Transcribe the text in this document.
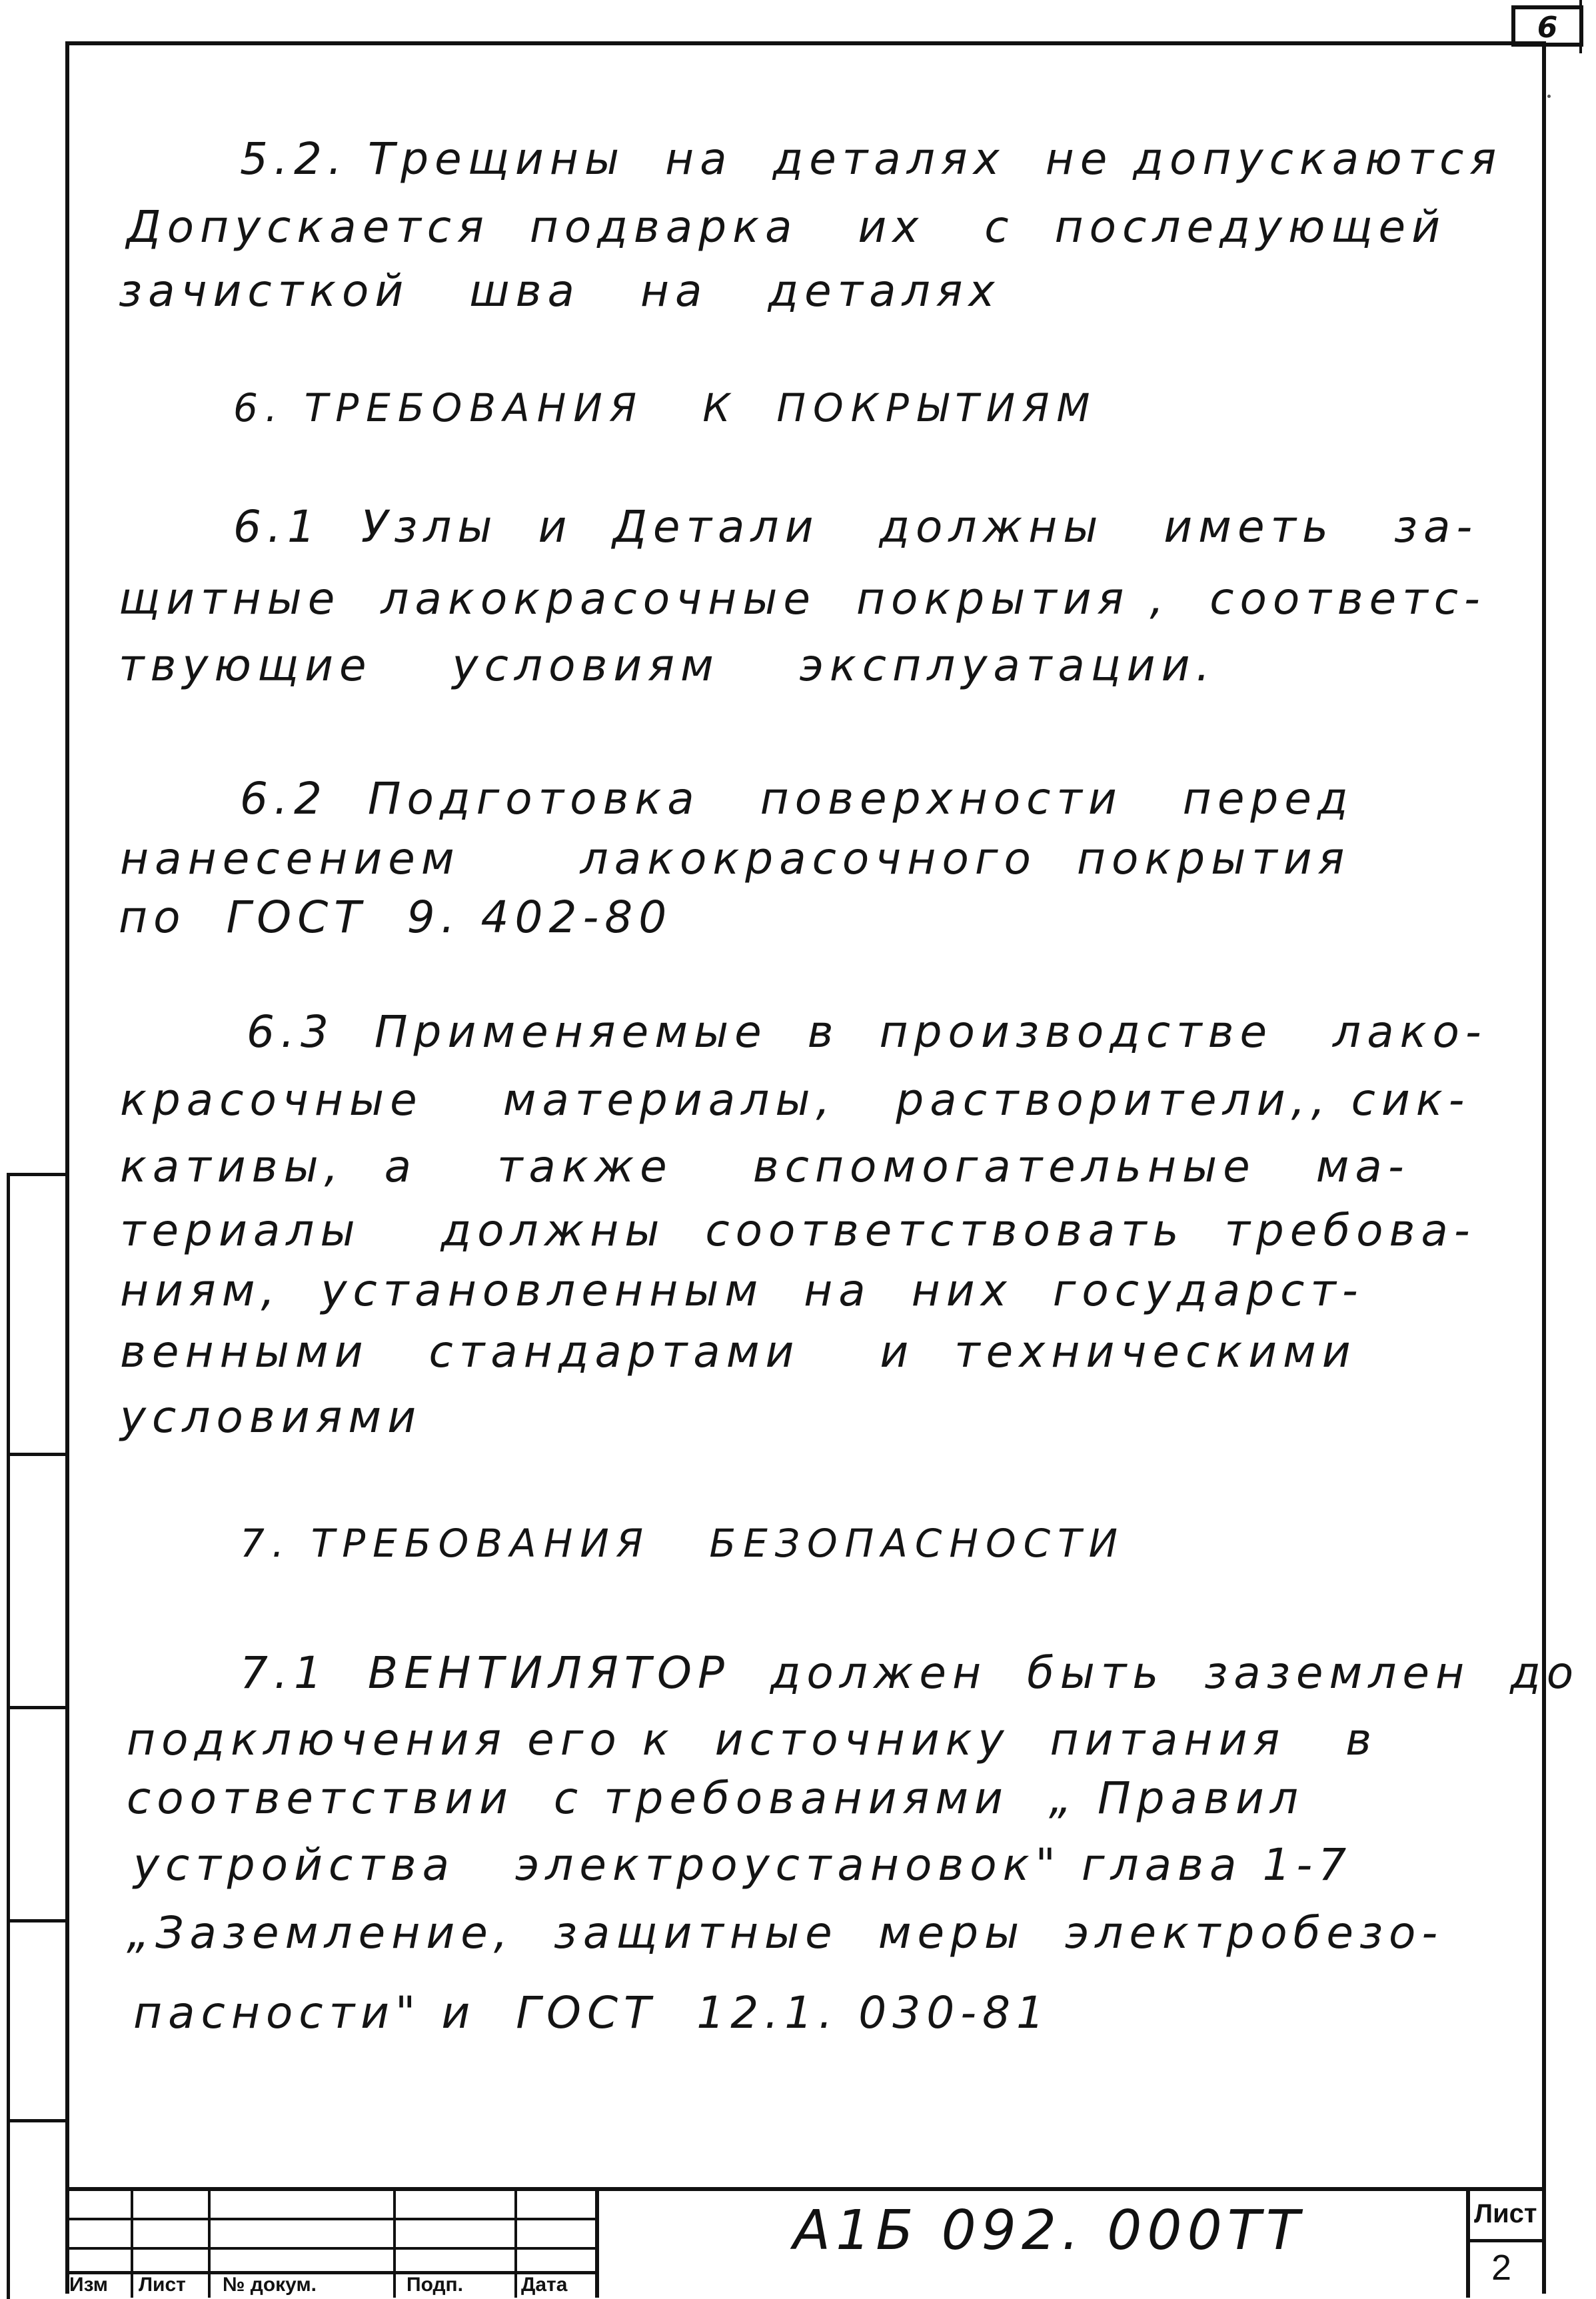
6
5.2. Трещины  на  деталях  не допускаются
Допускается  подварка   их   с  последующей
зачисткой   шва   на   деталях
6. ТРЕБОВАНИЯ   К  ПОКРЫТИЯМ
6.1  Узлы  и  Детали   должны   иметь   за-
щитные  лакокрасочные  покрытия ,  соответс-
твующие    условиям    эксплуатации.
6.2  Подготовка   поверхности   перед
нанесением      лакокрасочного  покрытия
по  ГОСТ  9. 402-80
6.3  Применяемые  в  производстве   лако-
красочные    материалы,   растворители,, сик-
кативы,  а    также    вспомогательные   ма-
териалы    должны  соответствовать  требова-
ниям,  установленным  на  них  государст-
венными   стандартами    и  техническими
условиями
7. ТРЕБОВАНИЯ   БЕЗОПАСНОСТИ
7.1  ВЕНТИЛЯТОР  должен  быть  заземлен  до
подключения его к  источнику  питания   в
соответствии  с требованиями  „ Правил
устройства   электроустановок" глава 1-7
„Заземление,  защитные  меры  электробезо-
пасности" и  ГОСТ  12.1. 030-81
Изм Лист № докум.	Подп.	Дата
А1Б 092. 000ТТ	Лист
2
